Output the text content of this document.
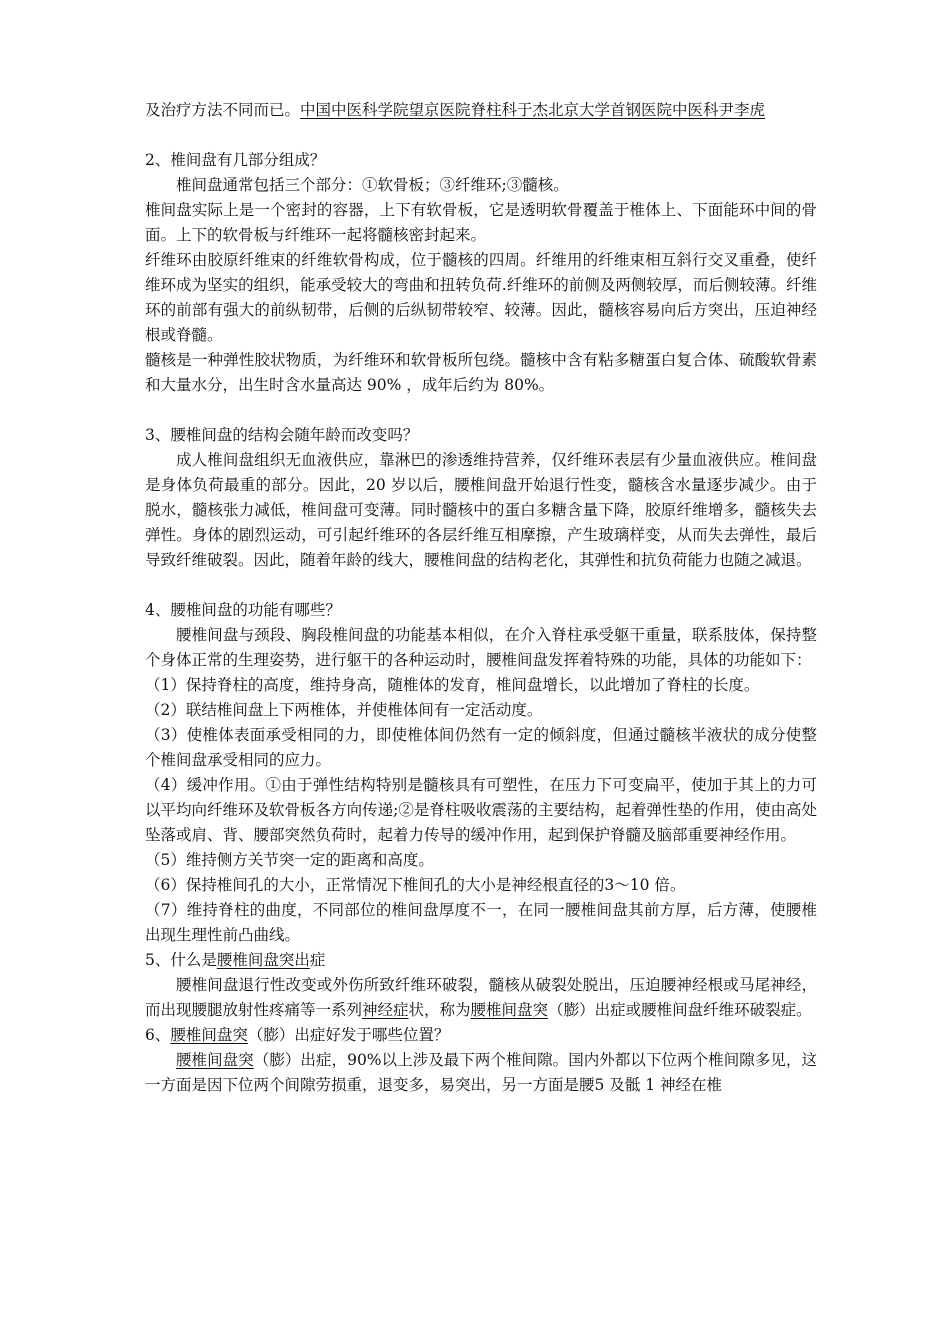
及治疗方法不同而已。中国中医科学院望京医院脊柱科于杰北京大学首钢医院中医科尹李虎

2、椎间盘有几部分组成？

椎间盘通常包括三个部分：①软骨板；③纤维环;③髓核。

椎间盘实际上是一个密封的容器，上下有软骨板，它是透明软骨覆盖于椎体上、下面能环中间的骨面。上下的软骨板与纤维环一起将髓核密封起来。

纤维环由胶原纤维束的纤维软骨构成，位于髓核的四周。纤维用的纤维束相互斜行交叉重叠，使纤维环成为坚实的组织，能承受较大的弯曲和扭转负荷.纤维环的前侧及两侧较厚，而后侧较薄。纤维环的前部有强大的前纵韧带，后侧的后纵韧带较窄、较薄。因此，髓核容易向后方突出，压迫神经根或脊髓。

髓核是一种弹性胶状物质，为纤维环和软骨板所包绕。髓核中含有粘多糖蛋白复合体、硫酸软骨素和大量水分，出生时含水量高达 90% ，成年后约为 80%。

3、腰椎间盘的结构会随年龄而改变吗？

成人椎间盘组织无血液供应，靠淋巴的渗透维持营养，仅纤维环表层有少量血液供应。椎间盘是身体负荷最重的部分。因此，20 岁以后，腰椎间盘开始退行性变，髓核含水量逐步减少。由于脱水，髓核张力减低，椎间盘可变薄。同时髓核中的蛋白多糖含量下降，胶原纤维增多，髓核失去弹性。身体的剧烈运动，可引起纤维环的各层纤维互相摩擦，产生玻璃样变，从而失去弹性，最后导致纤维破裂。因此，随着年龄的线大，腰椎间盘的结构老化，其弹性和抗负荷能力也随之减退。

4、腰椎间盘的功能有哪些？

腰椎间盘与颈段、胸段椎间盘的功能基本相似，在介入脊柱承受躯干重量，联系肢体，保持整个身体正常的生理姿势，进行躯干的各种运动时，腰椎间盘发挥着特殊的功能，具体的功能如下：

（1）保持脊柱的高度，维持身高，随椎体的发育，椎间盘增长，以此增加了脊柱的长度。

（2）联结椎间盘上下两椎体，并使椎体间有一定活动度。

（3）使椎体表面承受相同的力，即使椎体间仍然有一定的倾斜度，但通过髓核半液状的成分使整个椎间盘承受相同的应力。

（4）缓冲作用。①由于弹性结构特别是髓核具有可塑性，在压力下可变扁平，使加于其上的力可以平均向纤维环及软骨板各方向传递;②是脊柱吸收震荡的主要结构，起着弹性垫的作用，使由高处坠落或肩、背、腰部突然负荷时，起着力传导的缓冲作用，起到保护脊髓及脑部重要神经作用。

（5）维持侧方关节突一定的距离和高度。

（6）保持椎间孔的大小，正常情况下椎间孔的大小是神经根直径的3～10 倍。

（7）维持脊柱的曲度，不同部位的椎间盘厚度不一，在同一腰椎间盘其前方厚，后方薄，使腰椎出现生理性前凸曲线。

5、什么是腰椎间盘突出症

腰椎间盘退行性改变或外伤所致纤维环破裂，髓核从破裂处脱出，压迫腰神经根或马尾神经，而出现腰腿放射性疼痛等一系列神经症状，称为腰椎间盘突（膨）出症或腰椎间盘纤维环破裂症。

6、腰椎间盘突（膨）出症好发于哪些位置？

腰椎间盘突（膨）出症，90%以上涉及最下两个椎间隙。国内外都以下位两个椎间隙多见，这一方面是因下位两个间隙劳损重，退变多，易突出，另一方面是腰5 及骶 1 神经在椎
